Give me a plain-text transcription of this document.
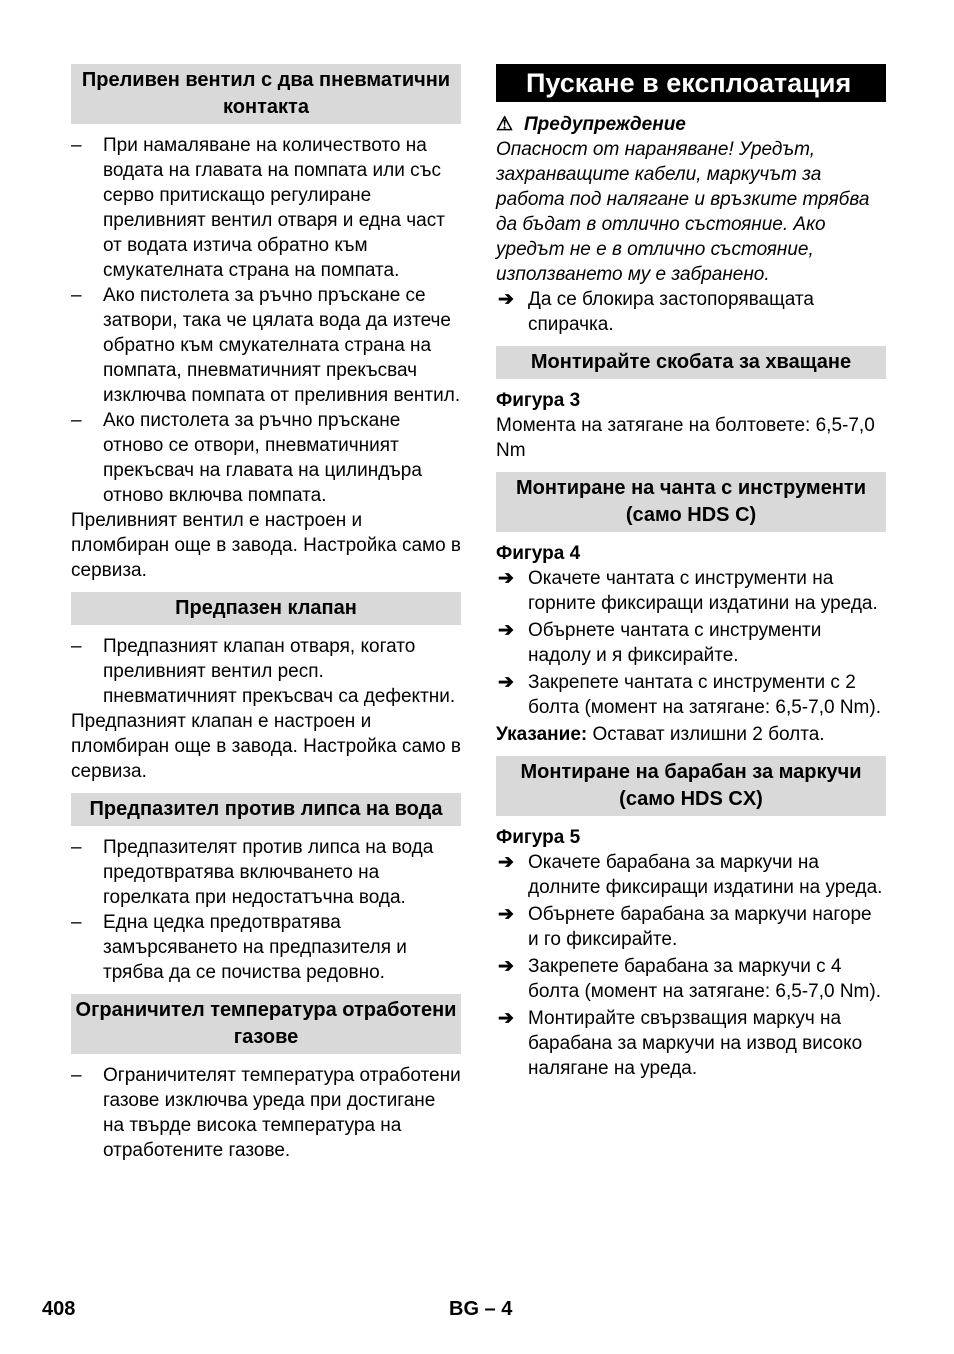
Преливен вентил с два пневматични контакта
–	При намаляване на количеството на водата на главата на помпата или със серво притискащо регулиране преливният вентил отваря и една част от водата изтича обратно към смукателната страна на помпата.
–	Ако пистолета за ръчно пръскане се затвори, така че цялата вода да изтече обратно към смукателната страна на помпата, пневматичният прекъсвач изключва помпата от преливния вентил.
–	Ако пистолета за ръчно пръскане отново се отвори, пневматичният прекъсвач на главата на цилиндъра отново включва помпата.
Преливният вентил е настроен и пломбиран още в завода. Настройка само в сервиза.
Предпазен клапан
–	Предпазният клапан отваря, когато преливният вентил респ. пневматичният прекъсвач са дефектни.
Предпазният клапан е настроен и пломбиран още в завода. Настройка само в сервиза.
Предпазител против липса на вода
–	Предпазителят против липса на вода предотвратява включването на горелката при недостатъчна вода.
–	Една цедка предотвратява замърсяването на предпазителя и трябва да се почиства редовно.
Ограничител температура отработени газове
–	Ограничителят температура отработени газове изключва уреда при достигане на твърде висока температура на отработените газове.
Пускане в експлоатация
⚠ Предупреждение
Опасност от нараняване! Уредът, захранващите кабели, маркучът за работа под налягане и връзките трябва да бъдат в отлично състояние. Ако уредът не е в отлично състояние, използването му е забранено.
➔ Да се блокира застопоряващата спирачка.
Монтирайте скобата за хващане
Фигура 3
Момента на затягане на болтовете: 6,5-7,0 Nm
Монтиране на чанта с инструменти (само HDS C)
Фигура 4
➔ Окачете чантата с инструменти на горните фиксиращи издатини на уреда.
➔ Обърнете чантата с инструменти надолу и я фиксирайте.
➔ Закрепете чантата с инструменти с 2 болта (момент на затягане: 6,5-7,0 Nm).
Указание: Остават излишни 2 болта.
Монтиране на барабан за маркучи (само HDS CX)
Фигура 5
➔ Окачете барабана за маркучи на долните фиксиращи издатини на уреда.
➔ Обърнете барабана за маркучи нагоре и го фиксирайте.
➔ Закрепете барабана за маркучи с 4 болта (момент на затягане: 6,5-7,0 Nm).
➔ Монтирайте свързващия маркуч на барабана за маркучи на извод високо налягане на уреда.
408	BG – 4
